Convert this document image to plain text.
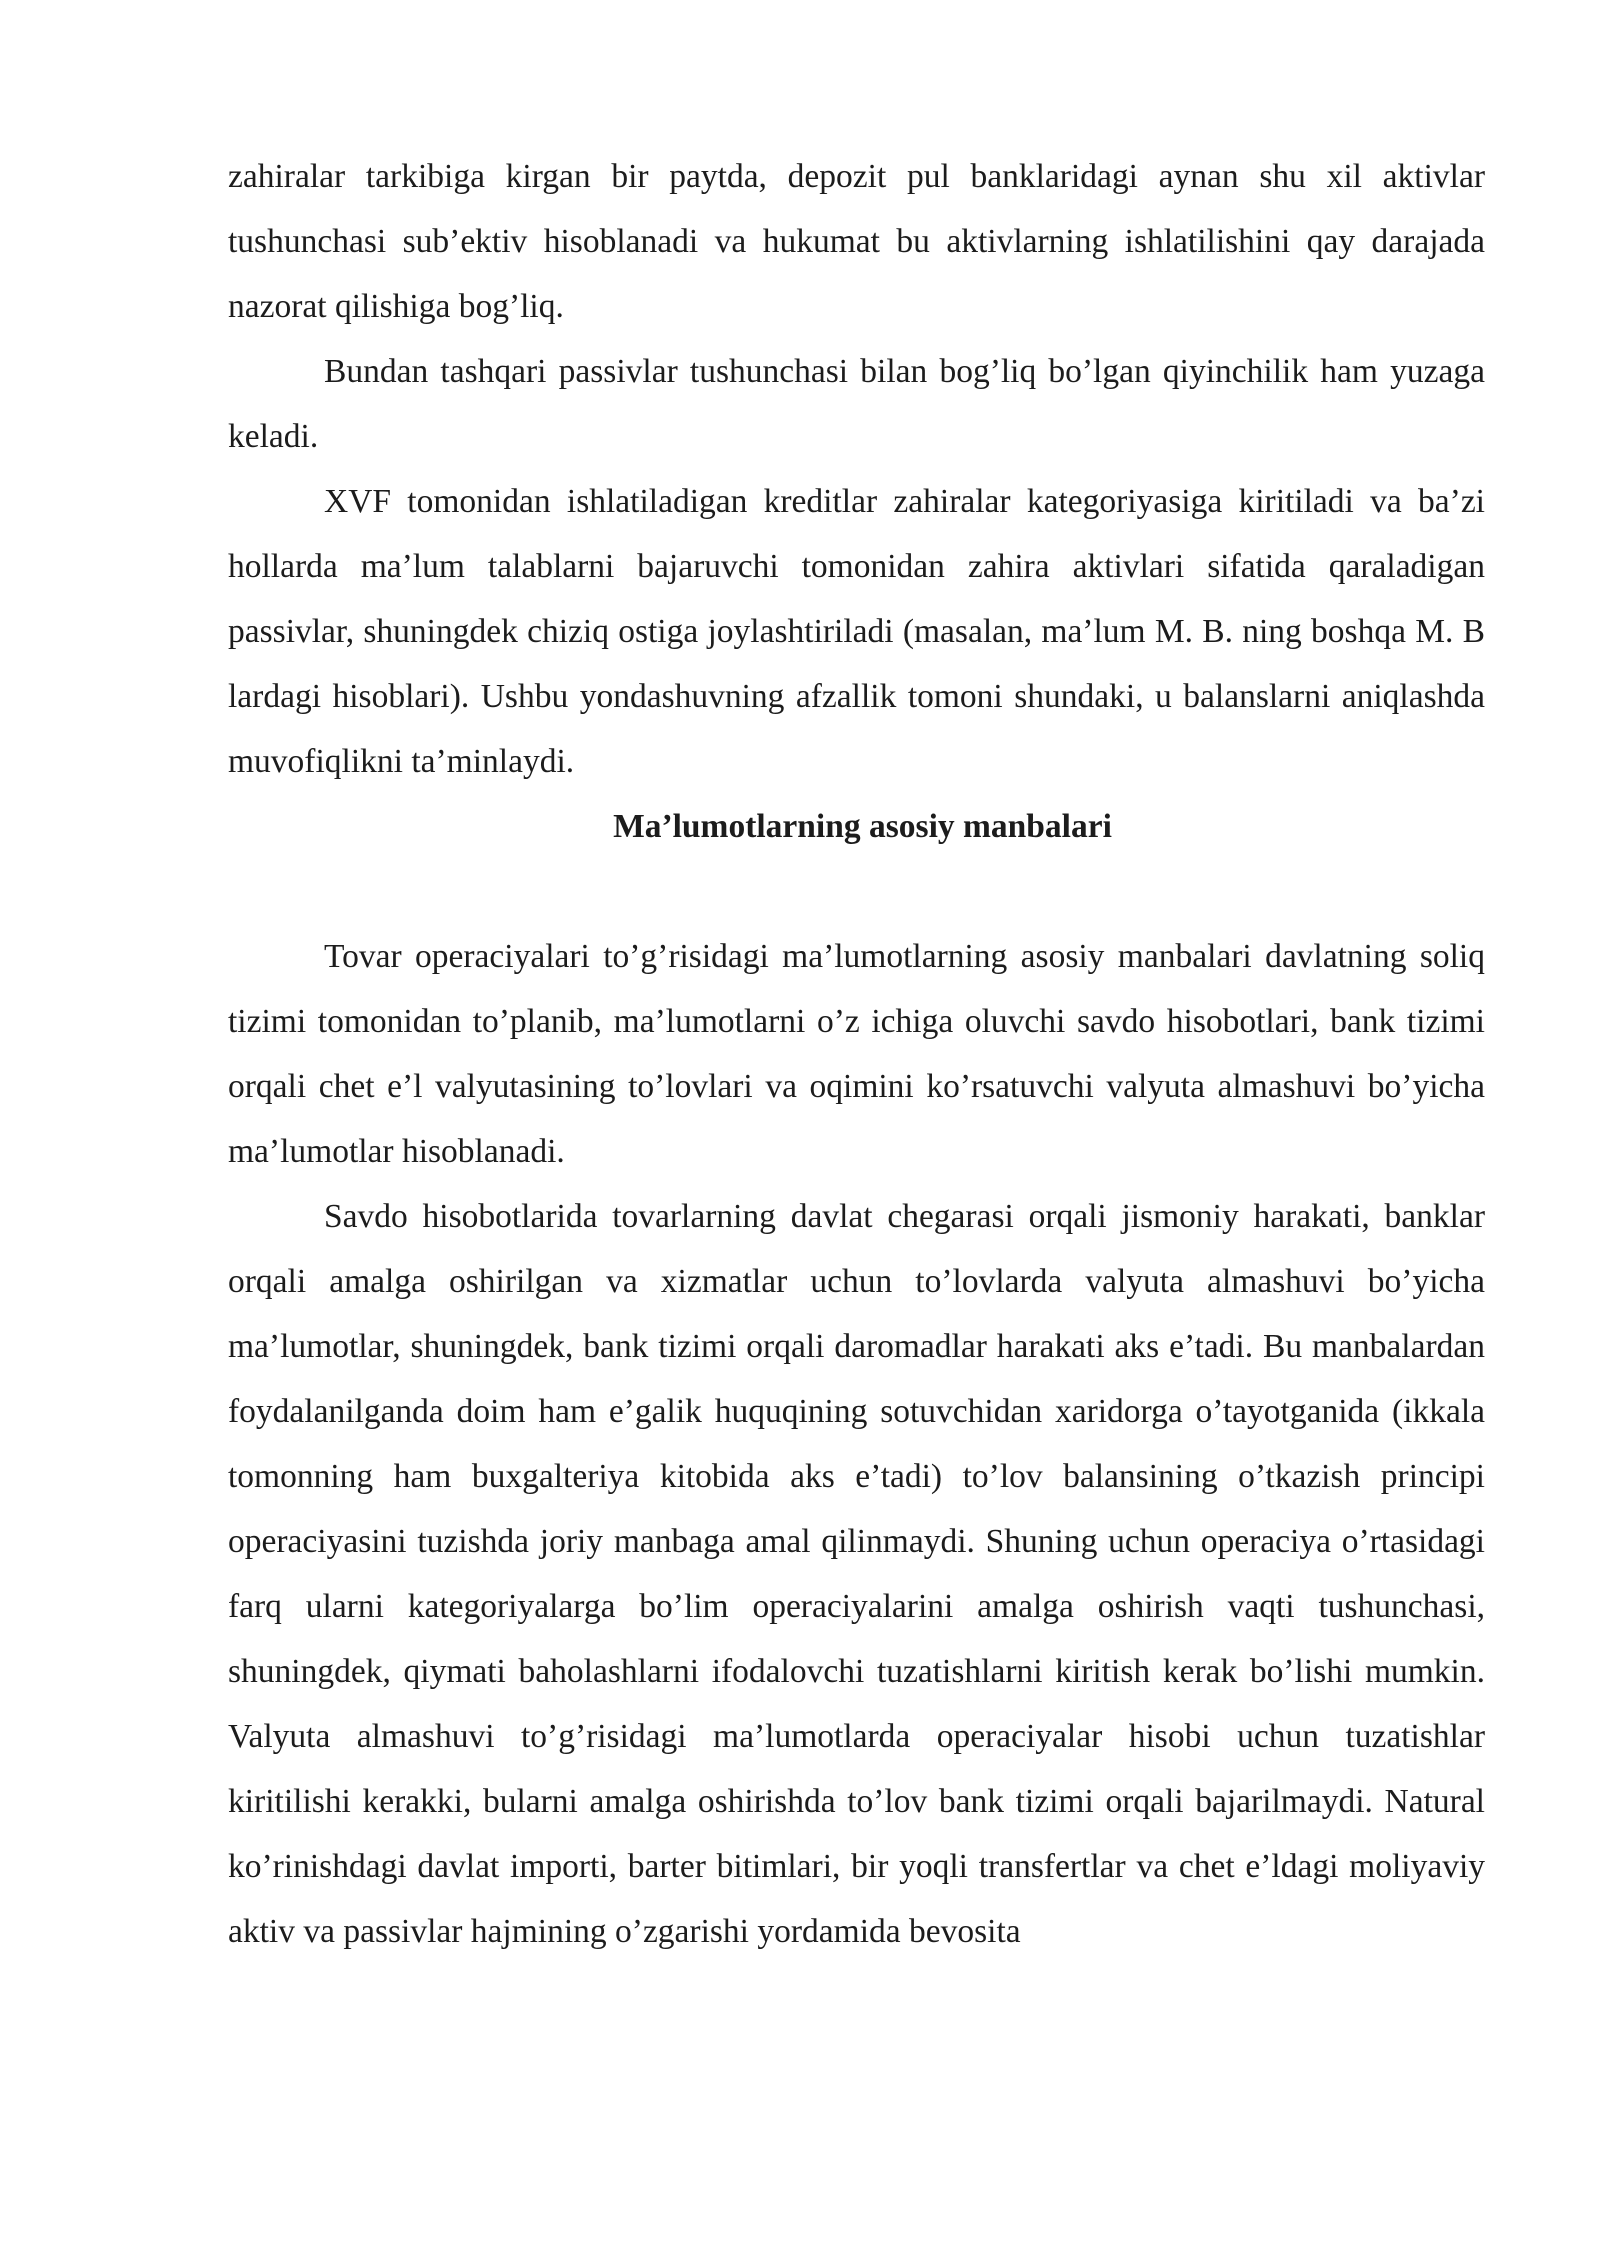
zahiralar tarkibiga kirgan bir paytda, depozit pul banklaridagi aynan shu xil aktivlar tushunchasi sub’ektiv hisoblanadi va hukumat bu aktivlarning ishlatilishini qay darajada nazorat qilishiga bog’liq.

Bundan tashqari passivlar tushunchasi bilan bog’liq bo’lgan qiyinchilik ham yuzaga keladi.

XVF tomonidan ishlatiladigan kreditlar zahiralar kategoriyasiga kiritiladi va ba’zi hollarda ma’lum talablarni bajaruvchi tomonidan zahira aktivlari sifatida qaraladigan passivlar, shuningdek chiziq ostiga joylashtiriladi (masalan, ma’lum M. B. ning boshqa M. B lardagi hisoblari). Ushbu yondashuvning afzallik tomoni shundaki, u balanslarni aniqlashda muvofiqlikni ta’minlaydi.

Ma’lumotlarning asosiy manbalari

Tovar operaciyalari to’g’risidagi ma’lumotlarning asosiy manbalari davlatning soliq tizimi tomonidan to’planib, ma’lumotlarni o’z ichiga oluvchi savdo hisobotlari, bank tizimi orqali chet e’l valyutasining to’lovlari va oqimini ko’rsatuvchi valyuta almashuvi bo’yicha ma’lumotlar hisoblanadi.

Savdo hisobotlarida tovarlarning davlat chegarasi orqali jismoniy harakati, banklar orqali amalga oshirilgan va xizmatlar uchun to’lovlarda valyuta almashuvi bo’yicha ma’lumotlar, shuningdek, bank tizimi orqali daromadlar harakati aks e’tadi. Bu manbalardan foydalanilganda doim ham e’galik huquqining sotuvchidan xaridorga o’tayotganida (ikkala tomonning ham buxgalteriya kitobida aks e’tadi) to’lov balansining o’tkazish principi operaciyasini tuzishda joriy manbaga amal qilinmaydi. Shuning uchun operaciya o’rtasidagi farq ularni kategoriyalarga bo’lim operaciyalarini amalga oshirish vaqti tushunchasi, shuningdek, qiymati baholashlarni ifodalovchi tuzatishlarni kiritish kerak bo’lishi mumkin. Valyuta almashuvi to’g’risidagi ma’lumotlarda operaciyalar hisobi uchun tuzatishlar kiritilishi kerakki, bularni amalga oshirishda to’lov bank tizimi orqali bajarilmaydi. Natural ko’rinishdagi davlat importi, barter bitimlari, bir yoqli transfertlar va chet e’ldagi moliyaviy aktiv va passivlar hajmining o’zgarishi yordamida bevosita
